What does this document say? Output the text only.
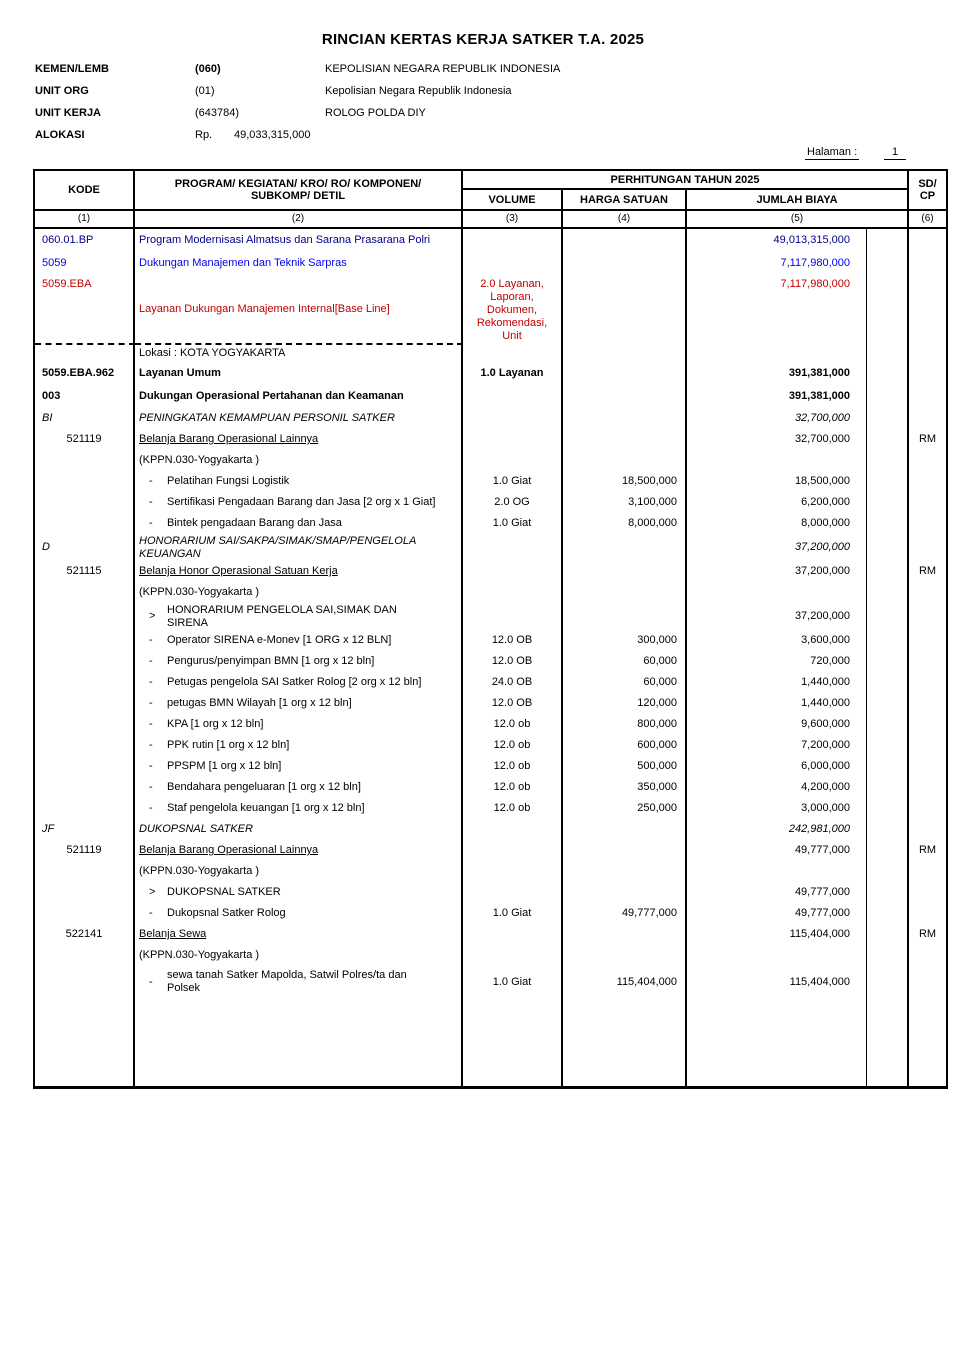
RINCIAN KERTAS KERJA SATKER T.A. 2025
KEMEN/LEMB	(060)	KEPOLISIAN NEGARA REPUBLIK INDONESIA
UNIT ORG	(01)	Kepolisian Negara Republik Indonesia
UNIT KERJA	(643784)	ROLOG POLDA DIY
ALOKASI	Rp. 49,033,315,000
Halaman :	1
KODE	PROGRAM/ KEGIATAN/ KRO/ RO/ KOMPONEN/
SUBKOMP/ DETIL	PERHITUNGAN TAHUN 2025				SD/
CP
		VOLUME	HARGA SATUAN	JUMLAH BIAYA		
(1)	(2)	(3)	(4)	(5)		(6)
060.01.BP	Program Modernisasi Almatsus dan Sarana Prasarana Polri			49,013,315,000		
5059	Dukungan Manajemen dan Teknik Sarpras			7,117,980,000		
5059.EBA	Layanan Dukungan Manajemen Internal[Base Line]	2.0 Layanan,
Laporan,
Dokumen,
Rekomendasi,
Unit		7,117,980,000		
	Lokasi : KOTA YOGYAKARTA					
5059.EBA.962	Layanan Umum	1.0 Layanan		391,381,000		
003	Dukungan Operasional Pertahanan dan Keamanan			391,381,000		
BI	PENINGKATAN KEMAMPUAN PERSONIL SATKER			32,700,000		
521119	Belanja Barang Operasional Lainnya			32,700,000		RM
	(KPPN.030-Yogyakarta )					

	- Pelatihan Fungsi Logistik	1.0 Giat	18,500,000	18,500,000		

	- Sertifikasi Pengadaan Barang dan Jasa [2 org x 1 Giat]	2.0 OG	3,100,000	6,200,000		

	- Bintek pengadaan Barang dan Jasa	1.0 Giat	8,000,000	8,000,000		
D	HONORARIUM SAI/SAKPA/SIMAK/SMAP/PENGELOLA
KEUANGAN			37,200,000		
521115	Belanja Honor Operasional Satuan Kerja			37,200,000		RM
	(KPPN.030-Yogyakarta )					

	>
HONORARIUM PENGELOLA SAI,SIMAK DAN
SIRENA			37,200,000		

	- Operator SIRENA e-Monev [1 ORG x 12 BLN]	12.0 OB	300,000	3,600,000		

	- Pengurus/penyimpan BMN [1 org x 12 bln]	12.0 OB	60,000	720,000		

	- Petugas pengelola SAI Satker Rolog [2 org x 12 bln]	24.0 OB	60,000	1,440,000		

	- petugas BMN Wilayah [1 org x 12 bln]	12.0 OB	120,000	1,440,000		

	- KPA [1 org x 12 bln]	12.0 ob	800,000	9,600,000		

	- PPK rutin [1 org x 12 bln]	12.0 ob	600,000	7,200,000		

	- PPSPM [1 org x 12 bln]	12.0 ob	500,000	6,000,000		

	- Bendahara pengeluaran [1 org x 12 bln]	12.0 ob	350,000	4,200,000		

	- Staf pengelola keuangan [1 org x 12 bln]	12.0 ob	250,000	3,000,000		
JF	DUKOPSNAL SATKER			242,981,000		
521119	Belanja Barang Operasional Lainnya			49,777,000		RM
	(KPPN.030-Yogyakarta )					

	> DUKOPSNAL SATKER			49,777,000		

	- Dukopsnal Satker Rolog	1.0 Giat	49,777,000	49,777,000		
522141	Belanja Sewa			115,404,000		RM
	(KPPN.030-Yogyakarta )					

	-
sewa tanah Satker Mapolda, Satwil Polres/ta dan
Polsek	1.0 Giat	115,404,000	115,404,000		
